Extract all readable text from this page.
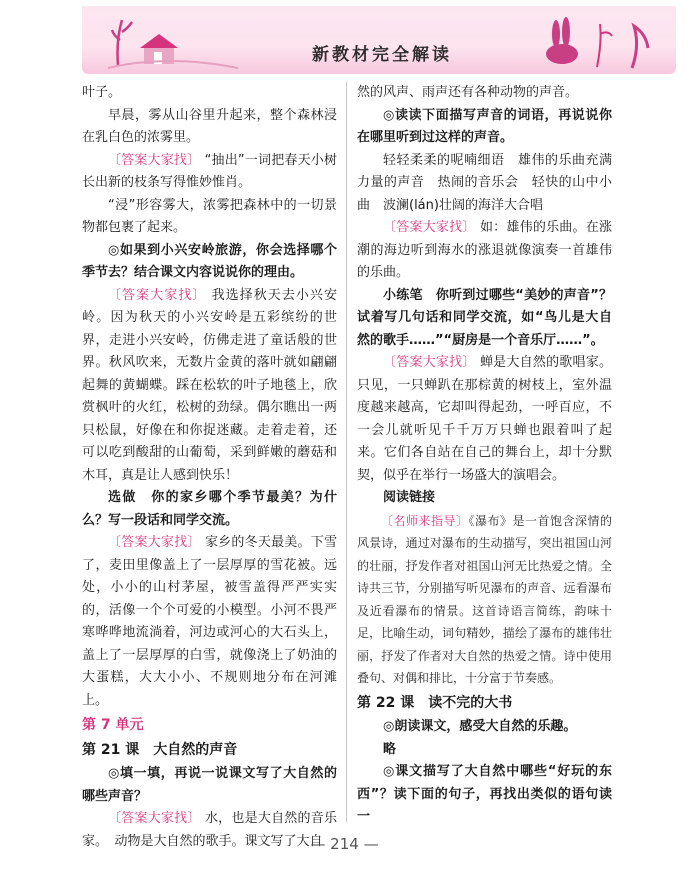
新教材完全解读

叶子。

早晨，雾从山谷里升起来，整个森林浸在乳白色的浓雾里。

〔答案大家找〕 “抽出”一词把春天小树长出新的枝条写得惟妙惟肖。

“浸”形容雾大，浓雾把森林中的一切景物都包裹了起来。

◎如果到小兴安岭旅游，你会选择哪个季节去？结合课文内容说说你的理由。

〔答案大家找〕 我选择秋天去小兴安岭。因为秋天的小兴安岭是五彩缤纷的世界，走进小兴安岭，仿佛走进了童话般的世界。秋风吹来，无数片金黄的落叶就如翩翩起舞的黄蝴蝶。踩在松软的叶子地毯上，欣赏枫叶的火红，松树的劲绿。偶尔瞧出一两只松鼠，好像在和你捉迷藏。走着走着，还可以吃到酸甜的山葡萄，采到鲜嫩的蘑菇和木耳，真是让人感到快乐！

选做　你的家乡哪个季节最美？为什么？写一段话和同学交流。

〔答案大家找〕 家乡的冬天最美。下雪了，麦田里像盖上了一层厚厚的雪花被。远处，小小的山村茅屋，被雪盖得严严实实的，活像一个个可爱的小模型。小河不畏严寒哗哗地流淌着，河边或河心的大石头上，盖上了一层厚厚的白雪，就像浇上了奶油的大蛋糕，大大小小、不规则地分布在河滩上。

第 7 单元
第 21 课　大自然的声音

◎填一填，再说一说课文写了大自然的哪些声音？

〔答案大家找〕 水，也是大自然的音乐家。　动物是大自然的歌手。课文写了大自

然的风声、雨声还有各种动物的声音。

◎读读下面描写声音的词语，再说说你在哪里听到过这样的声音。

轻轻柔柔的呢喃细语　雄伟的乐曲充满力量的声音　热闹的音乐会　轻快的山中小曲　波澜(lán)壮阔的海洋大合唱

〔答案大家找〕 如：雄伟的乐曲。在涨潮的海边听到海水的涨退就像演奏一首雄伟的乐曲。

小练笔　你听到过哪些“美妙的声音”？试着写几句话和同学交流，如“鸟儿是大自然的歌手……”“厨房是一个音乐厅……”。

〔答案大家找〕 蝉是大自然的歌唱家。只见，一只蝉趴在那棕黄的树枝上，室外温度越来越高，它却叫得起劲，一呼百应，不一会儿就听见千千万万只蝉也跟着叫了起来。它们各自站在自己的舞台上，却十分默契，似乎在举行一场盛大的演唱会。

阅读链接

〔名师来指导〕《瀑布》是一首饱含深情的风景诗，通过对瀑布的生动描写，突出祖国山河的壮丽，抒发作者对祖国山河无比热爱之情。全诗共三节，分别描写听见瀑布的声音、远看瀑布及近看瀑布的情景。这首诗语言简练，韵味十足，比喻生动，词句精妙，描绘了瀑布的雄伟壮丽，抒发了作者对大自然的热爱之情。诗中使用叠句、对偶和排比，十分富于节奏感。

第 22 课　读不完的大书

◎朗读课文，感受大自然的乐趣。

略

◎课文描写了大自然中哪些“好玩的东西”？读下面的句子，再找出类似的语句读一

— 214 —
